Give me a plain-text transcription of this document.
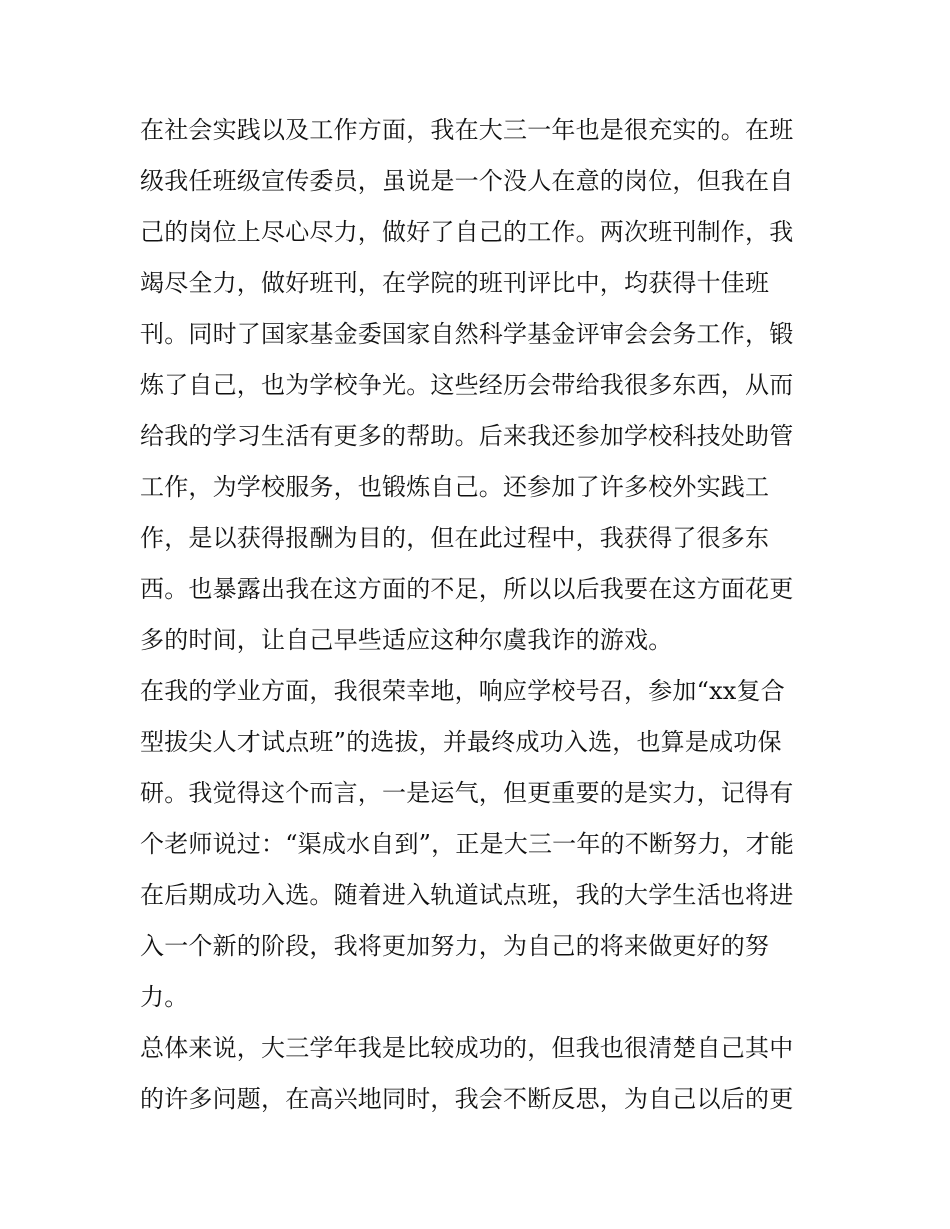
在社会实践以及工作方面，我在大三一年也是很充实的。在班
级我任班级宣传委员，虽说是一个没人在意的岗位，但我在自
己的岗位上尽心尽力，做好了自己的工作。两次班刊制作，我
竭尽全力，做好班刊，在学院的班刊评比中，均获得十佳班
刊。同时了国家基金委国家自然科学基金评审会会务工作，锻
炼了自己，也为学校争光。这些经历会带给我很多东西，从而
给我的学习生活有更多的帮助。后来我还参加学校科技处助管
工作，为学校服务，也锻炼自己。还参加了许多校外实践工
作，是以获得报酬为目的，但在此过程中，我获得了很多东
西。也暴露出我在这方面的不足，所以以后我要在这方面花更
多的时间，让自己早些适应这种尔虞我诈的游戏。
在我的学业方面，我很荣幸地，响应学校号召，参加“xx复合
型拔尖人才试点班”的选拔，并最终成功入选，也算是成功保
研。我觉得这个而言，一是运气，但更重要的是实力，记得有
个老师说过：“渠成水自到”，正是大三一年的不断努力，才能
在后期成功入选。随着进入轨道试点班，我的大学生活也将进
入一个新的阶段，我将更加努力，为自己的将来做更好的努
力。
总体来说，大三学年我是比较成功的，但我也很清楚自己其中
的许多问题，在高兴地同时，我会不断反思，为自己以后的更
